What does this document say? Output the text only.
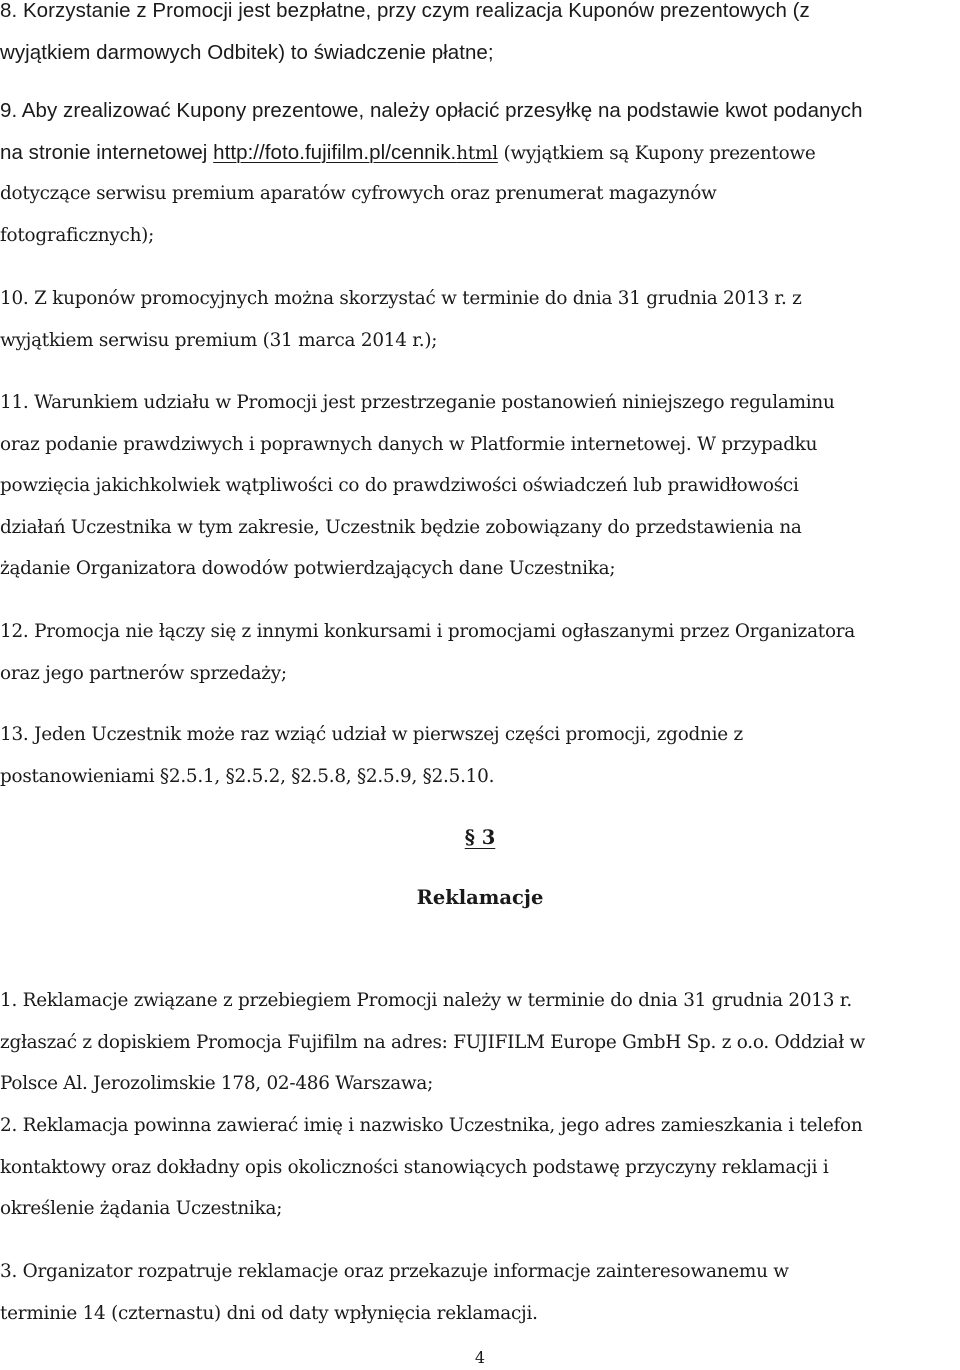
8. Korzystanie z Promocji jest bezpłatne, przy czym realizacja Kuponów prezentowych (z
wyjątkiem darmowych Odbitek) to świadczenie płatne;
9. Aby zrealizować Kupony prezentowe, należy opłacić przesyłkę na podstawie kwot podanych
na stronie internetowej http://foto.fujifilm.pl/cennik.html (wyjątkiem są Kupony prezentowe
dotyczące serwisu premium aparatów cyfrowych oraz prenumerat magazynów
fotograficznych);
10. Z kuponów promocyjnych można skorzystać w terminie do dnia 31 grudnia 2013 r. z
wyjątkiem serwisu premium (31 marca 2014 r.);
11. Warunkiem udziału w Promocji jest przestrzeganie postanowień niniejszego regulaminu
oraz podanie prawdziwych i poprawnych danych w Platformie internetowej. W przypadku
powzięcia jakichkolwiek wątpliwości co do prawdziwości oświadczeń lub prawidłowości
działań Uczestnika w tym zakresie, Uczestnik będzie zobowiązany do przedstawienia na
żądanie Organizatora dowodów potwierdzających dane Uczestnika;
12. Promocja nie łączy się z innymi konkursami i promocjami ogłaszanymi przez Organizatora
oraz jego partnerów sprzedaży;
13. Jeden Uczestnik może raz wziąć udział w pierwszej części promocji, zgodnie z
postanowieniami §2.5.1, §2.5.2, §2.5.8, §2.5.9, §2.5.10.

§ 3

Reklamacje

1. Reklamacje związane z przebiegiem Promocji należy w terminie do dnia 31 grudnia 2013 r.
zgłaszać z dopiskiem Promocja Fujifilm na adres: FUJIFILM Europe GmbH Sp. z o.o. Oddział w
Polsce Al. Jerozolimskie 178, 02-486 Warszawa;
2. Reklamacja powinna zawierać imię i nazwisko Uczestnika, jego adres zamieszkania i telefon
kontaktowy oraz dokładny opis okoliczności stanowiących podstawę przyczyny reklamacji i
określenie żądania Uczestnika;
3. Organizator rozpatruje reklamacje oraz przekazuje informacje zainteresowanemu w
terminie 14 (czternastu) dni od daty wpłynięcia reklamacji.
4
